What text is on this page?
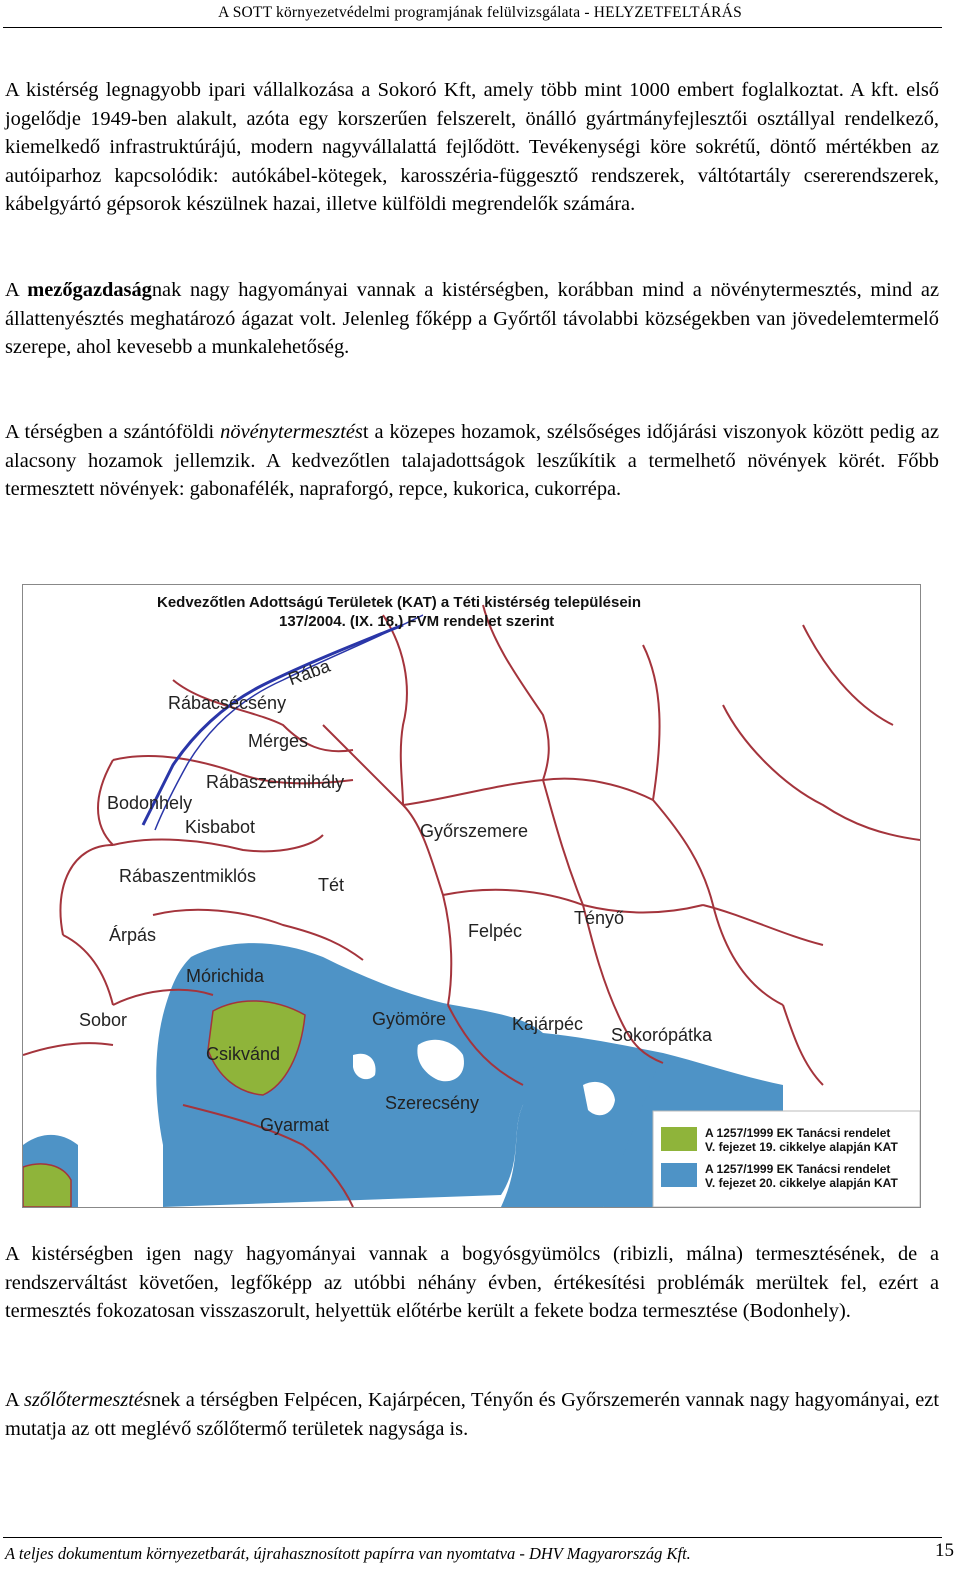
A SOTT környezetvédelmi programjának felülvizsgálata - HELYZETFELTÁRÁS

A kistérség legnagyobb ipari vállalkozása a Sokoró Kft, amely több mint 1000 embert foglalkoztat. A kft. első jogelődje 1949-ben alakult, azóta egy korszerűen felszerelt, önálló gyártmányfejlesztői osztállyal rendelkező, kiemelkedő infrastruktúrájú, modern nagyvállalattá fejlődött. Tevékenységi köre sokrétű, döntő mértékben az autóiparhoz kapcsolódik: autókábel-kötegek, karosszéria-függesztő rendszerek, váltótartály csererendszerek, kábelgyártó gépsorok készülnek hazai, illetve külföldi megrendelők számára.

A mezőgazdaságnak nagy hagyományai vannak a kistérségben, korábban mind a növénytermesztés, mind az állattenyésztés meghatározó ágazat volt. Jelenleg főképp a Győrtől távolabbi községekben van jövedelemtermelő szerepe, ahol kevesebb a munkalehetőség.

A térségben a szántóföldi növénytermesztést a közepes hozamok, szélsőséges időjárási viszonyok között pedig az alacsony hozamok jellemzik. A kedvezőtlen talajadottságok leszűkítik a termelhető növények körét. Főbb termesztett növények: gabonafélék, napraforgó, repce, kukorica, cukorrépa.

Kedvezőtlen Adottságú Területek (KAT) a Téti kistérség településein
137/2004. (IX. 18.) FVM rendelet szerint
Rába
Rábacsécsény
Mérges
Rábaszentmihály
Bodonhely
Kisbabot	Győrszemere
Rábaszentmiklós	Tét
Tényő
Árpás	Felpéc
Mórichida
Sobor	Gyömöre	Kajárpéc
Sokorópátka
Csikvánd
Szerecsény
Gyarmat	A 1257/1999 EK Tanácsi rendelet
V. fejezet 19. cikkelye alapján KAT
A 1257/1999 EK Tanácsi rendelet
V. fejezet 20. cikkelye alapján KAT

A kistérségben igen nagy hagyományai vannak a bogyósgyümölcs (ribizli, málna) termesztésének, de a rendszerváltást követően, legfőképp az utóbbi néhány évben, értékesítési problémák merültek fel, ezért a termesztés fokozatosan visszaszorult, helyettük előtérbe került a fekete bodza termesztése (Bodonhely).

A szőlőtermesztésnek a térségben Felpécen, Kajárpécen, Tényőn és Győrszemerén vannak nagy hagyományai, ezt mutatja az ott meglévő szőlőtermő területek nagysága is.

A teljes dokumentum környezetbarát, újrahasznosított papírra van nyomtatva - DHV Magyarország Kft.	15
